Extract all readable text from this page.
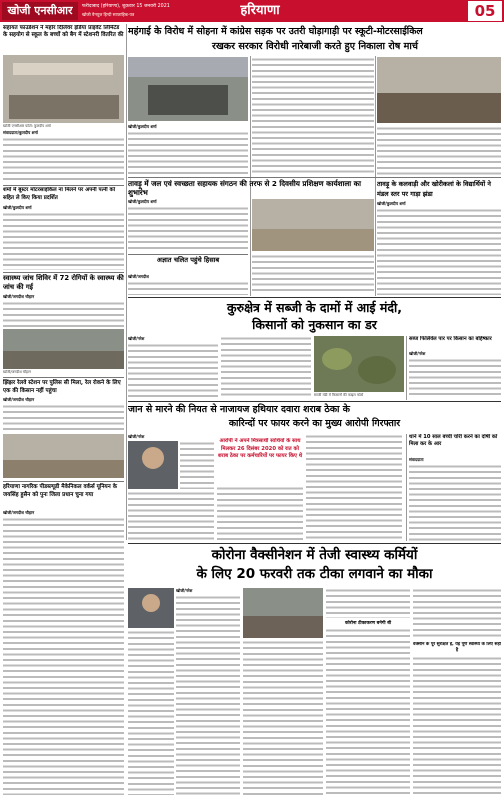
खोजी एनसीआर	फरीदाबाद (हरियाणा), शुक्रवार 15 जनवरी 2021
खोजी वैनयूज हिन्दी साप्ताहिक-पत्र	हरियाणा	05
महंगाई के विरोध में सोहना में कांग्रेस सड़क पर उतरी घोड़ागाड़ी पर स्कूटी-मोटरसाईकिल
रखकर सरकार विरोधी नारेबाजी करते हुए निकाला रोष मार्च
सहायत फाउंडेशन ने महोर दिलिवर इंडिया प्राइवेट लिमिटेड के सहयोग से स्कूल के बच्चों को बैग में स्टेशनरी वितरित की
खोजी एनसीआर फोटो: कुलदीप शर्मा
संवाददाता/कुलदीप शर्मा
शर्मा में बूस्टर मोटरसाइकिल ना मिलने पर अपनी पत्नी को सहित ले किए किया प्रदर्शित
खोजी/कुलदीप शर्मा
स्वास्थ्य जांच शिविर में 72 रोगियों के स्वास्थ्य की जांच की गई
खोजी/जगदीश चौहान
खोजी/जगदीश चौहान
झिंझर रेलवे स्टेशन पर पुलिस सी मिला, रेल रोकने के लिए एक की किसान नहीं पहुंचा
खोजी/जगदीश चौहान
हरियाणा नागरिक पीडब्ल्यूडी मैकेनिकल वर्कर्स यूनियन के जयसिंह हुसैन को पुनः जिला प्रधान चुना गया
खोजी/जगदीश चौहान
खोजी/कुलदीप शर्मा
तावड़ू में जल एवं स्वच्छता सहायक संगठन की तरफ से 2 दिवसीय प्रशिक्षण कार्यशाला का शुभारंभ
खोजी/कुलदीप शर्मा
अज्ञात चलित पहुंचे हिसाब
खोजी/जगदीश
तावड़ू के कलवाड़ी और खोरीकलां के विद्यार्थियों ने मंडल स्तर पर गाड़ा झंडा
खोजी/कुलदीप शर्मा
कुरुक्षेत्र में सब्जी के दामों में आई मंदी,
किसानों को नुकसान का डर
खोजी/नरेश
सब्जी मंडी में किसानों की फाइल फोटो
सब्ज फिलिवेल पार पर किसान का बहिष्कार
खोजी/नरेश
जान से मारने की नियत से नाजायज हथियार दवारा शराब ठेका के
कारिन्दों पर फायर करने का मुख्य आरोपी गिरफ्तार
खोजी/नरेश
आरोपी ने अपने मित्रसाथी साथियों के साथ मिलकर 26 दिसंबर 2020 को रात को शराब ठेका पर कर्मचारियों पर फायर किए थे
थाने में 10 साल बच्ची चोरी करने का दोषी को मिला कर के आर
संवाददाता
कोरोना वैक्सीनेशन में तेजी स्वास्थ्य कर्मियों
के लिए 20 फरवरी तक टीका लगवाने का मौका
खोजी/नरेश
कोरोना टीकाकरण बनेगी बी
वैक्सीन के पूरे सुरक्षित है, यह पूर्ण स्वास्थ्य के लिए सही है
